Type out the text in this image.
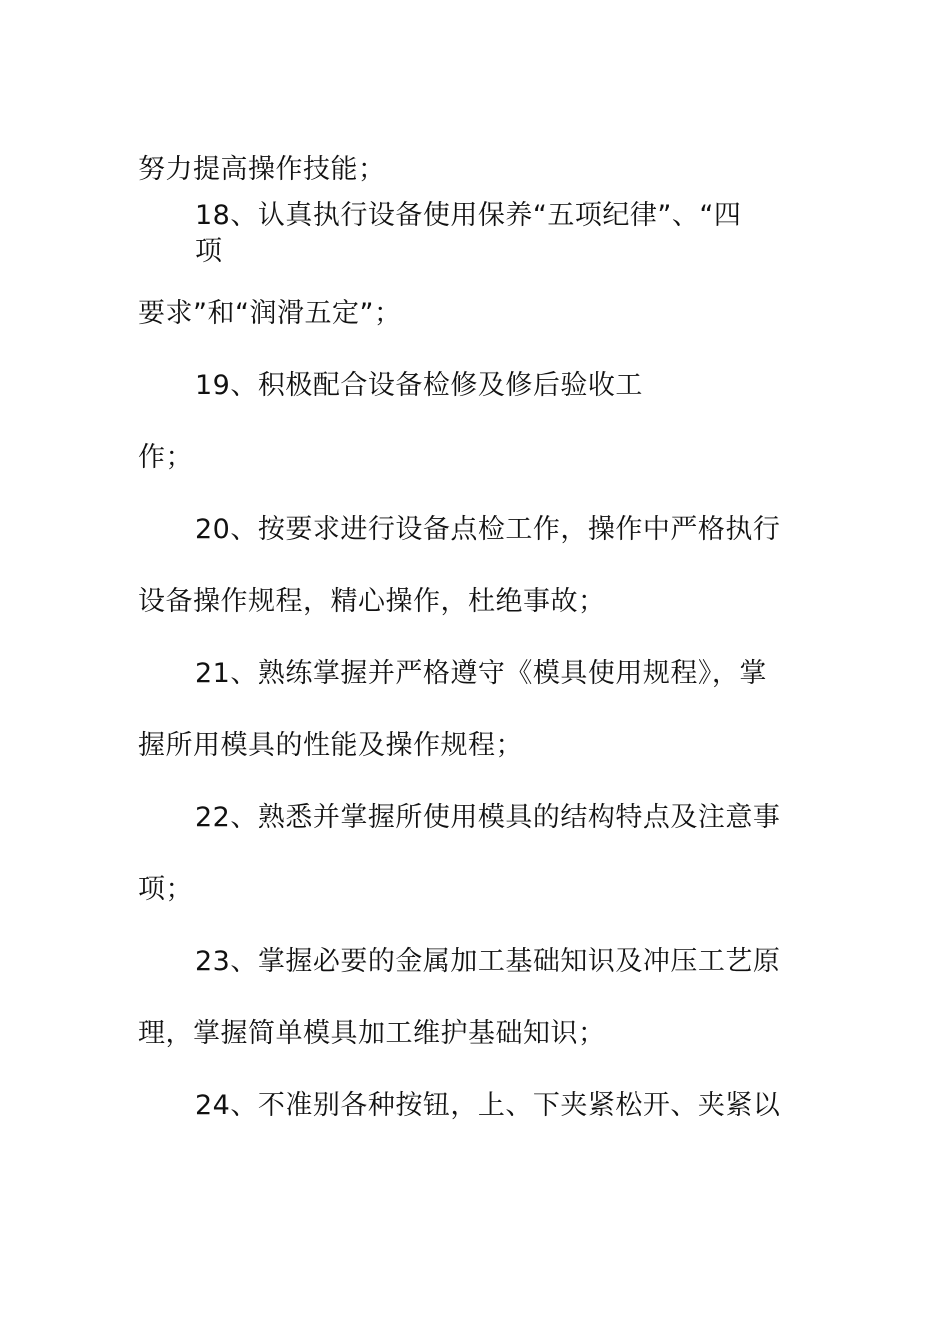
努力提高操作技能；
18、认真执行设备使用保养“五项纪律”、“四
项
要求”和“润滑五定”；
19、积极配合设备检修及修后验收工
作；
20、按要求进行设备点检工作，操作中严格执行
设备操作规程，精心操作，杜绝事故；
21、熟练掌握并严格遵守《模具使用规程》，掌
握所用模具的性能及操作规程；
22、熟悉并掌握所使用模具的结构特点及注意事
项；
23、掌握必要的金属加工基础知识及冲压工艺原
理，掌握简单模具加工维护基础知识；
24、不准别各种按钮，上、下夹紧松开、夹紧以
